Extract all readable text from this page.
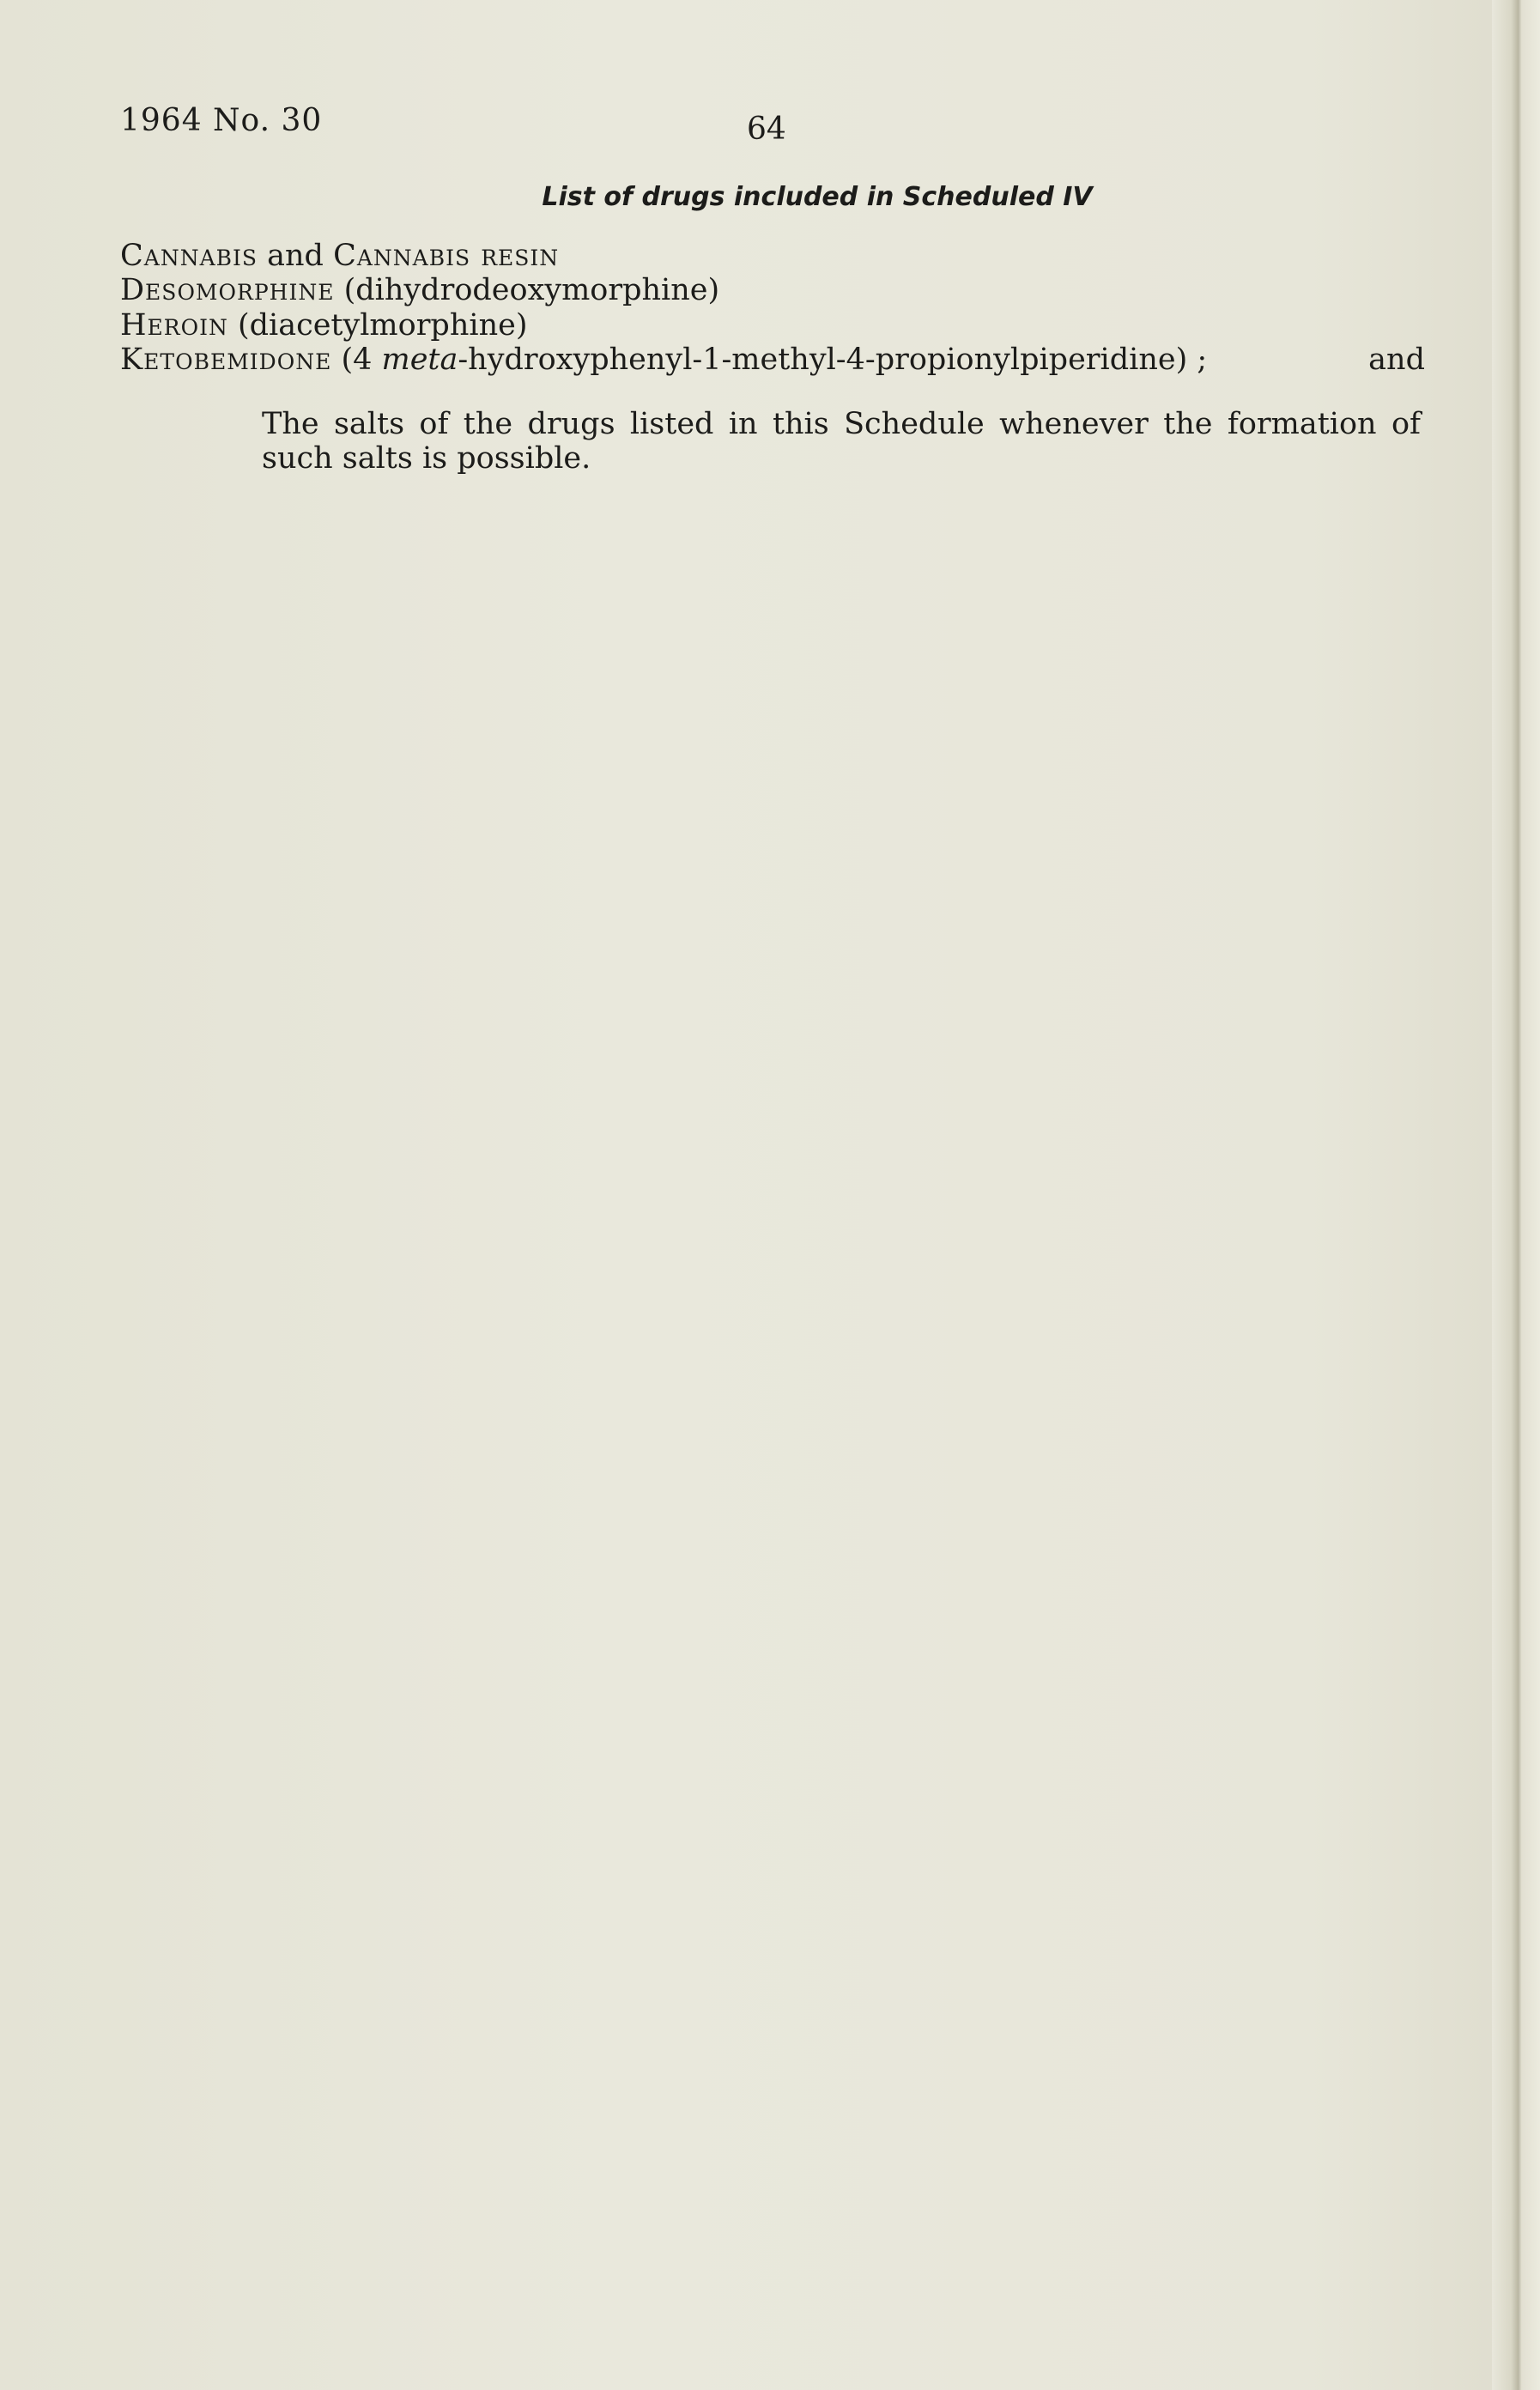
1964 No. 30	64
List of drugs included in Scheduled IV
Cannabis and Cannabis resin
Desomorphine (dihydrodeoxymorphine)
Heroin (diacetylmorphine)
Ketobemidone (4 meta-hydroxyphenyl-1-methyl-4-propionylpiperidine) ;	and
The salts of the drugs listed in this Schedule whenever the formation of such salts is possible.
